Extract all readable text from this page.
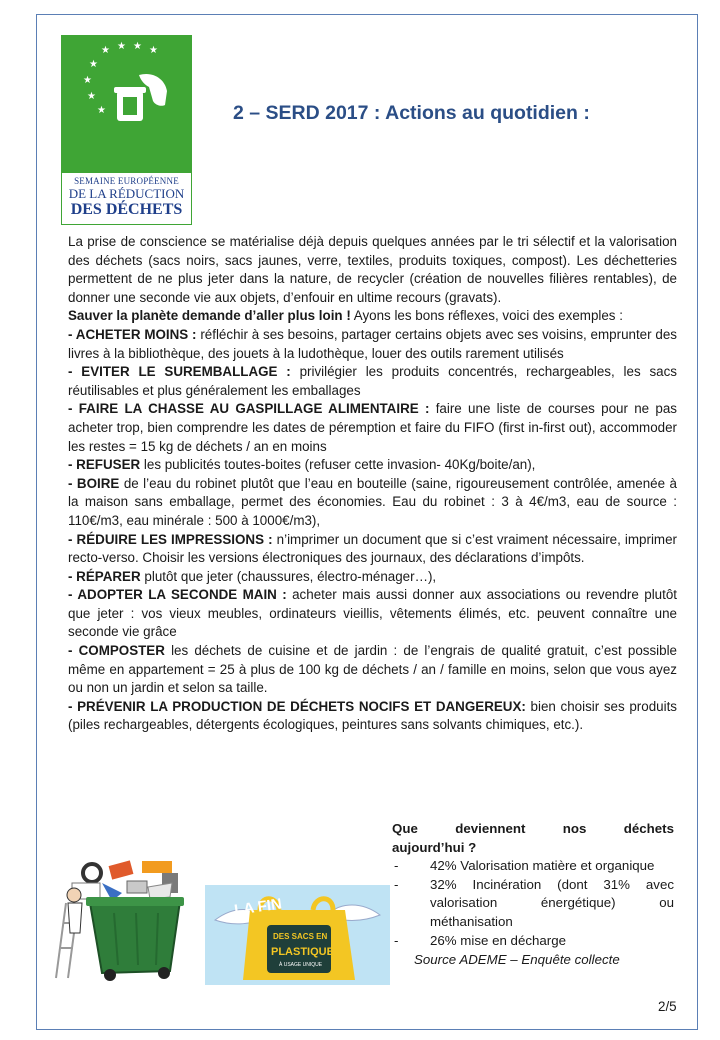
★ ★ ★ ★
★
★
★
★
SEMAINE EUROPÉENNE
DE LA RÉDUCTION
DES DÉCHETS
2 – SERD 2017 : Actions au quotidien :

La prise de conscience se matérialise déjà depuis quelques années par le tri sélectif et la valorisation des déchets (sacs noirs, sacs jaunes, verre, textiles, produits toxiques, compost). Les déchetteries permettent de ne plus jeter dans la nature, de recycler (création de nouvelles filières rentables), de donner une seconde vie aux objets, d’enfouir en ultime recours (gravats).

Sauver la planète demande d’aller plus loin ! Ayons les bons réflexes, voici des exemples :

- ACHETER MOINS : réfléchir à ses besoins, partager certains objets avec ses voisins, emprunter des livres à la bibliothèque, des jouets à la ludothèque, louer des outils rarement utilisés

- EVITER LE SUREMBALLAGE : privilégier les produits concentrés, rechargeables, les sacs réutilisables et plus généralement les emballages

- FAIRE LA CHASSE AU GASPILLAGE ALIMENTAIRE : faire une liste de courses pour ne pas acheter trop, bien comprendre les dates de péremption et faire du FIFO (first in-first out), accommoder les restes = 15 kg de déchets / an en moins

- REFUSER les publicités toutes-boites (refuser cette invasion- 40Kg/boite/an),

- BOIRE de l’eau du robinet plutôt que l’eau en bouteille (saine, rigoureusement contrôlée, amenée à la maison sans emballage, permet des économies. Eau du robinet : 3 à 4€/m3, eau de source : 110€/m3, eau minérale : 500 à 1000€/m3),

- RÉDUIRE LES IMPRESSIONS : n’imprimer un document que si c’est vraiment nécessaire, imprimer recto-verso. Choisir les versions électroniques des journaux, des déclarations d’impôts.

- RÉPARER plutôt que jeter (chaussures, électro-ménager…),

- ADOPTER LA SECONDE MAIN : acheter mais aussi donner aux associations ou revendre plutôt que jeter : vos vieux meubles, ordinateurs vieillis, vêtements élimés, etc. peuvent connaître une seconde vie grâce

- COMPOSTER les déchets de cuisine et de jardin : de l’engrais de qualité gratuit, c’est possible même en appartement = 25 à plus de 100 kg de déchets / an / famille en moins, selon que vous ayez ou non un jardin et selon sa taille.

- PRÉVENIR LA PRODUCTION DE DÉCHETS NOCIFS ET DANGEREUX: bien choisir ses produits (piles rechargeables, détergents écologiques, peintures sans solvants chimiques, etc.).

LA FIN
DES SACS EN
PLASTIQUE
À USAGE UNIQUE
Que deviennent nos déchets
aujourd’hui ?
- 42% Valorisation matière et organique
- 32% Incinération (dont 31% avec valorisation énergétique) ou méthanisation
- 26% mise en décharge
Source ADEME – Enquête collecte
2/5
